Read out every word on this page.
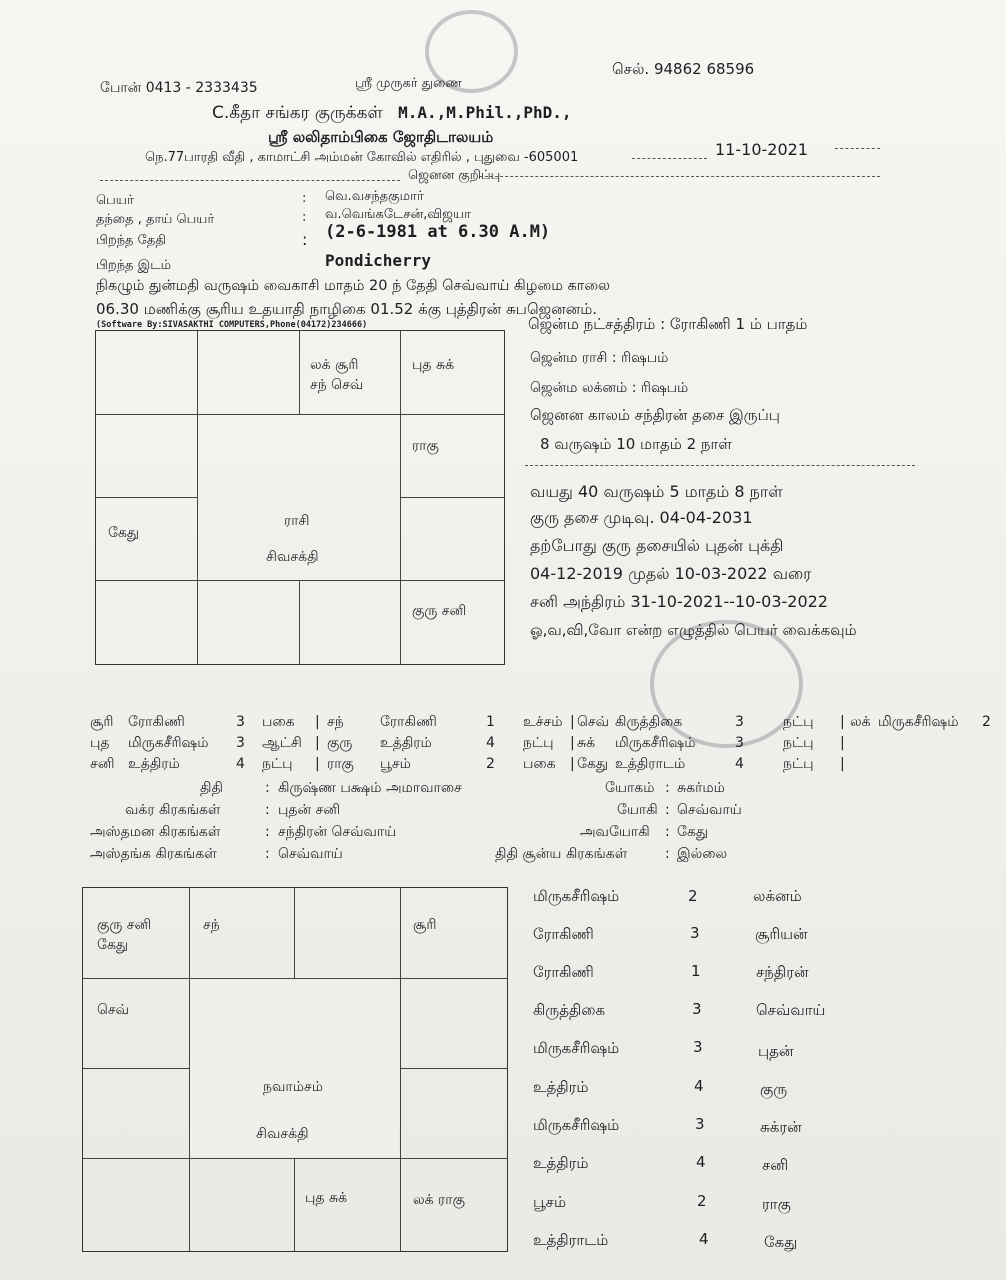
போன் 0413 - 2333435	ஸ்ரீ முருகர் துணை
செல். 94862 68596
C.கீதா சங்கர குருக்கள் M.A.,M.Phil.,PhD.,
ஸ்ரீ லலிதாம்பிகை ஜோதிடாலயம்
நெ.77பாரதி வீதி , காமாட்சி அம்மன் கோவில் எதிரில் , புதுவை -605001	11-10-2021
ஜெனன குறிப்பு
பெயர்	: வெ.வசந்தகுமார்
தந்தை , தாய் பெயர்	: வ.வெங்கடேசன்,விஜயா
பிறந்த தேதி	: (2-6-1981 at 6.30 A.M)
பிறந்த இடம்	Pondicherry
நிகழும் துன்மதி வருஷம் வைகாசி மாதம் 20 ந் தேதி செவ்வாய் கிழமை காலை
06.30 மணிக்கு சூரிய உதயாதி நாழிகை 01.52 க்கு புத்திரன் சுபஜெனனம்.
(Software By:SIVASAKTHI COMPUTERS,Phone(04172)234666)
லக் சூரி
சந் செவ்
புத சுக்
ராகு
கேது
குரு சனி
ராசி
சிவசக்தி
ஜென்ம நட்சத்திரம் : ரோகிணி 1 ம் பாதம்
ஜென்ம ராசி : ரிஷபம்
ஜென்ம லக்னம் : ரிஷபம்
ஜெனன காலம் சந்திரன் தசை இருப்பு
8 வருஷம் 10 மாதம் 2 நாள்
வயது 40 வருஷம் 5 மாதம் 8 நாள்
குரு தசை முடிவு. 04-04-2031
தற்போது குரு தசையில் புதன் புக்தி
04-12-2019 முதல் 10-03-2022 வரை
சனி அந்திரம் 31-10-2021--10-03-2022
ஓ,வ,வி,வோ என்ற எழுத்தில் பெயர் வைக்கவும்
சூரி ரோகிணி	3 பகை | சந்	ரோகிணி	1 உச்சம் | செவ் கிருத்திகை	3	நட்பு | லக் மிருகசீரிஷம் 2
புத மிருகசீரிஷம் 3 ஆட்சி | குரு உத்திரம்	4 நட்பு | சுக் மிருகசீரிஷம்	3	நட்பு |
சனி உத்திரம்	4 நட்பு | ராகு பூசம்	2 பகை | கேது உத்திராடம்	4	நட்பு |
திதி	: கிருஷ்ண பக்ஷம் அமாவாசை
வக்ர கிரகங்கள்	: புதன் சனி
அஸ்தமன கிரகங்கள்	: சந்திரன் செவ்வாய்
அஸ்தங்க கிரகங்கள்	: செவ்வாய்
யோகம் : சுகர்மம்
யோகி : செவ்வாய்
அவயோகி : கேது
திதி சூன்ய கிரகங்கள்	: இல்லை
குரு சனி
கேது
சந்	சூரி
செவ்
புத சுக்	லக் ராகு
நவாம்சம்
சிவசக்தி
மிருகசீரிஷம்	2	லக்னம்
ரோகிணி	3	சூரியன்
ரோகிணி	1	சந்திரன்
கிருத்திகை	3	செவ்வாய்
மிருகசீரிஷம்	3	புதன்
உத்திரம்	4	குரு
மிருகசீரிஷம்	3	சுக்ரன்
உத்திரம்	4	சனி
பூசம்	2	ராகு
உத்திராடம்	4	கேது
